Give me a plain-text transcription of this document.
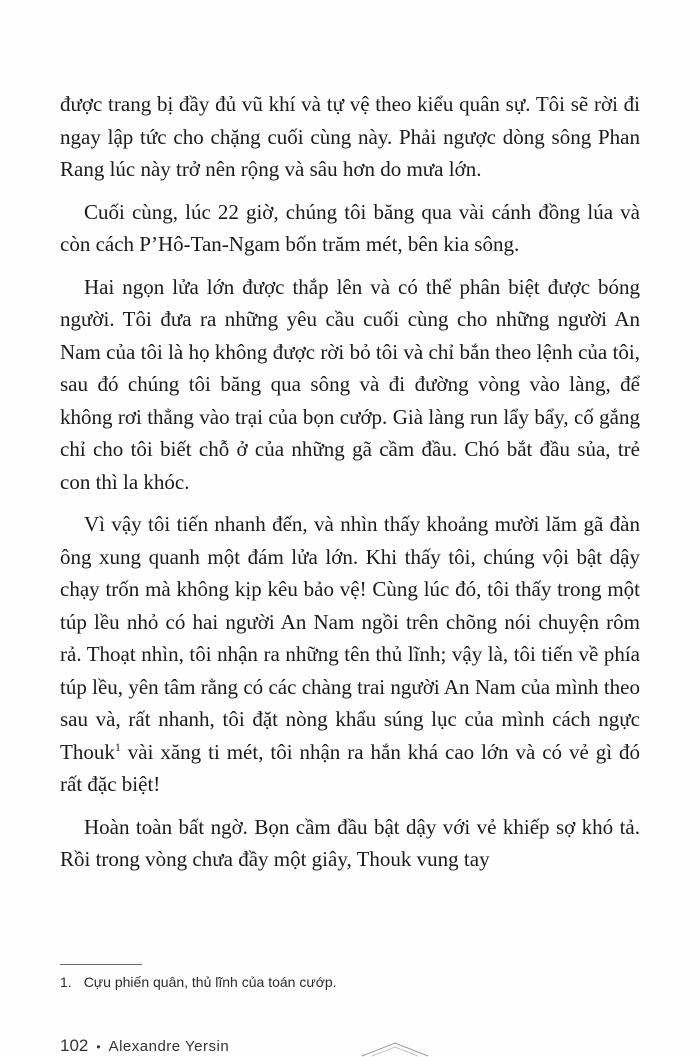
được trang bị đầy đủ vũ khí và tự vệ theo kiểu quân sự. Tôi sẽ rời đi ngay lập tức cho chặng cuối cùng này. Phải ngược dòng sông Phan Rang lúc này trở nên rộng và sâu hơn do mưa lớn.

Cuối cùng, lúc 22 giờ, chúng tôi băng qua vài cánh đồng lúa và còn cách P’Hô-Tan-Ngam bốn trăm mét, bên kia sông.

Hai ngọn lửa lớn được thắp lên và có thể phân biệt được bóng người. Tôi đưa ra những yêu cầu cuối cùng cho những người An Nam của tôi là họ không được rời bỏ tôi và chỉ bắn theo lệnh của tôi, sau đó chúng tôi băng qua sông và đi đường vòng vào làng, để không rơi thẳng vào trại của bọn cướp. Già làng run lẩy bẩy, cố gắng chỉ cho tôi biết chỗ ở của những gã cầm đầu. Chó bắt đầu sủa, trẻ con thì la khóc.

Vì vậy tôi tiến nhanh đến, và nhìn thấy khoảng mười lăm gã đàn ông xung quanh một đám lửa lớn. Khi thấy tôi, chúng vội bật dậy chạy trốn mà không kịp kêu bảo vệ! Cùng lúc đó, tôi thấy trong một túp lều nhỏ có hai người An Nam ngồi trên chõng nói chuyện rôm rả. Thoạt nhìn, tôi nhận ra những tên thủ lĩnh; vậy là, tôi tiến về phía túp lều, yên tâm rằng có các chàng trai người An Nam của mình theo sau và, rất nhanh, tôi đặt nòng khẩu súng lục của mình cách ngực Thouk$^1$ vài xăng ti mét, tôi nhận ra hắn khá cao lớn và có vẻ gì đó rất đặc biệt!

Hoàn toàn bất ngờ. Bọn cầm đầu bật dậy với vẻ khiếp sợ khó tả. Rồi trong vòng chưa đầy một giây, Thouk vung tay

1. Cựu phiến quân, thủ lĩnh của toán cướp.
102 • Alexandre Yersin
